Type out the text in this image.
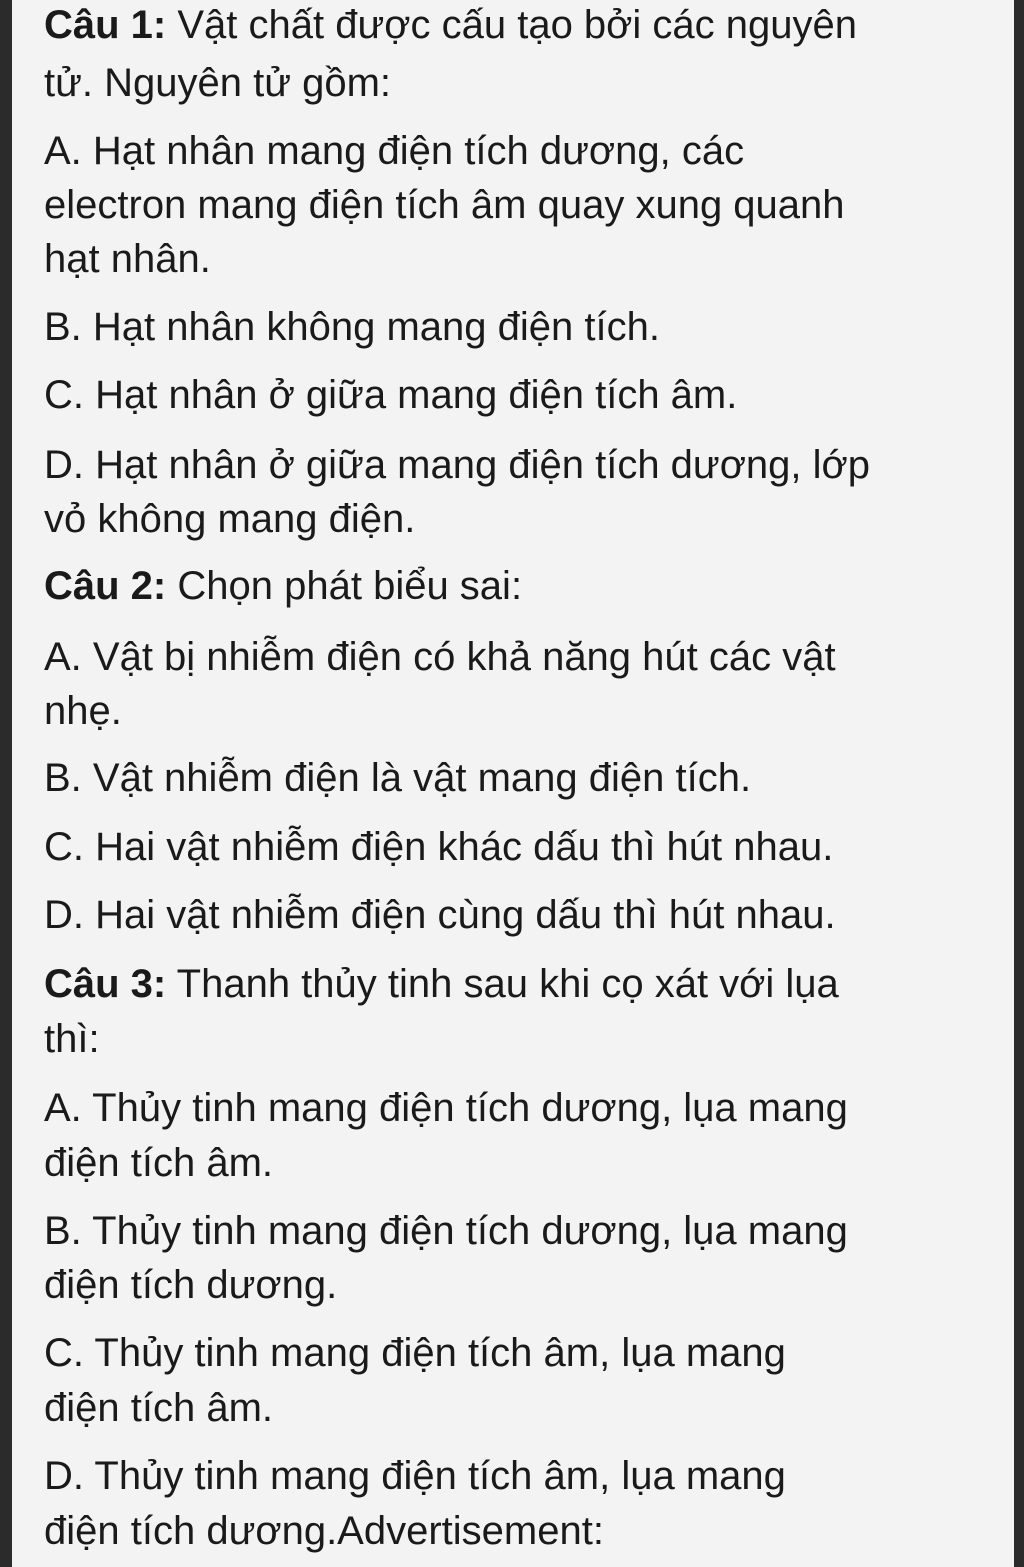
Câu 1: Vật chất được cấu tạo bởi các nguyên
tử. Nguyên tử gồm:
A. Hạt nhân mang điện tích dương, các
electron mang điện tích âm quay xung quanh
hạt nhân.
B. Hạt nhân không mang điện tích.
C. Hạt nhân ở giữa mang điện tích âm.
D. Hạt nhân ở giữa mang điện tích dương, lớp
vỏ không mang điện.
Câu 2: Chọn phát biểu sai:
A. Vật bị nhiễm điện có khả năng hút các vật
nhẹ.
B. Vật nhiễm điện là vật mang điện tích.
C. Hai vật nhiễm điện khác dấu thì hút nhau.
D. Hai vật nhiễm điện cùng dấu thì hút nhau.
Câu 3: Thanh thủy tinh sau khi cọ xát với lụa
thì:
A. Thủy tinh mang điện tích dương, lụa mang
điện tích âm.
B. Thủy tinh mang điện tích dương, lụa mang
điện tích dương.
C. Thủy tinh mang điện tích âm, lụa mang
điện tích âm.
D. Thủy tinh mang điện tích âm, lụa mang
điện tích dương.Advertisement:
